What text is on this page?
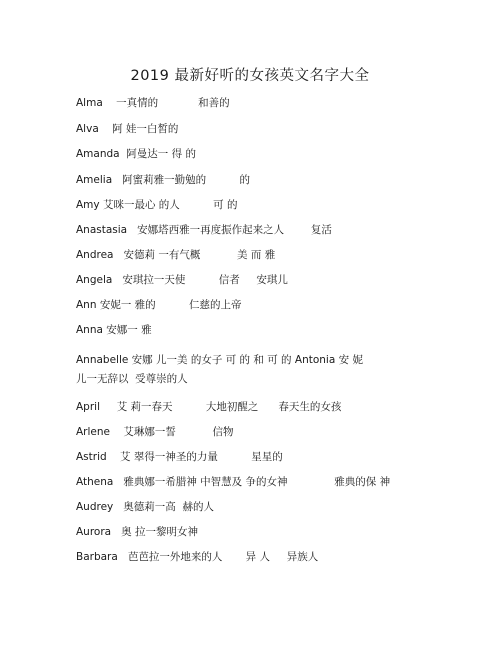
2019 最新好听的女孩英文名字大全
Alma    一真情的            和善的
Alva    阿 娃一白皙的
Amanda  阿曼达一 得 的
Amelia   阿蜜莉雅一勤勉的          的
Amy 艾咪一最心 的人          可 的
Anastasia   安娜塔西雅一再度振作起来之人        复活
Andrea   安德莉 一有气概           美 而 雅
Angela   安琪拉一天使          信者     安琪儿
Ann 安妮一 雅的          仁慈的上帝
Anna 安娜一 雅
Annabelle 安娜 儿一美 的女子 可 的 和 可 的 Antonia 安 妮
儿一无辞以  受尊崇的人
April     艾 莉一春天          大地初醒之      春天生的女孩
Arlene    艾琳娜一誓           信物
Astrid    艾 翠得一神圣的力量          星星的
Athena   雅典娜一希腊神 中智慧及 争的女神              雅典的保 神
Audrey   奥德莉一高  赫的人
Aurora   奥 拉一黎明女神
Barbara   芭芭拉一外地来的人       异 人     异族人
